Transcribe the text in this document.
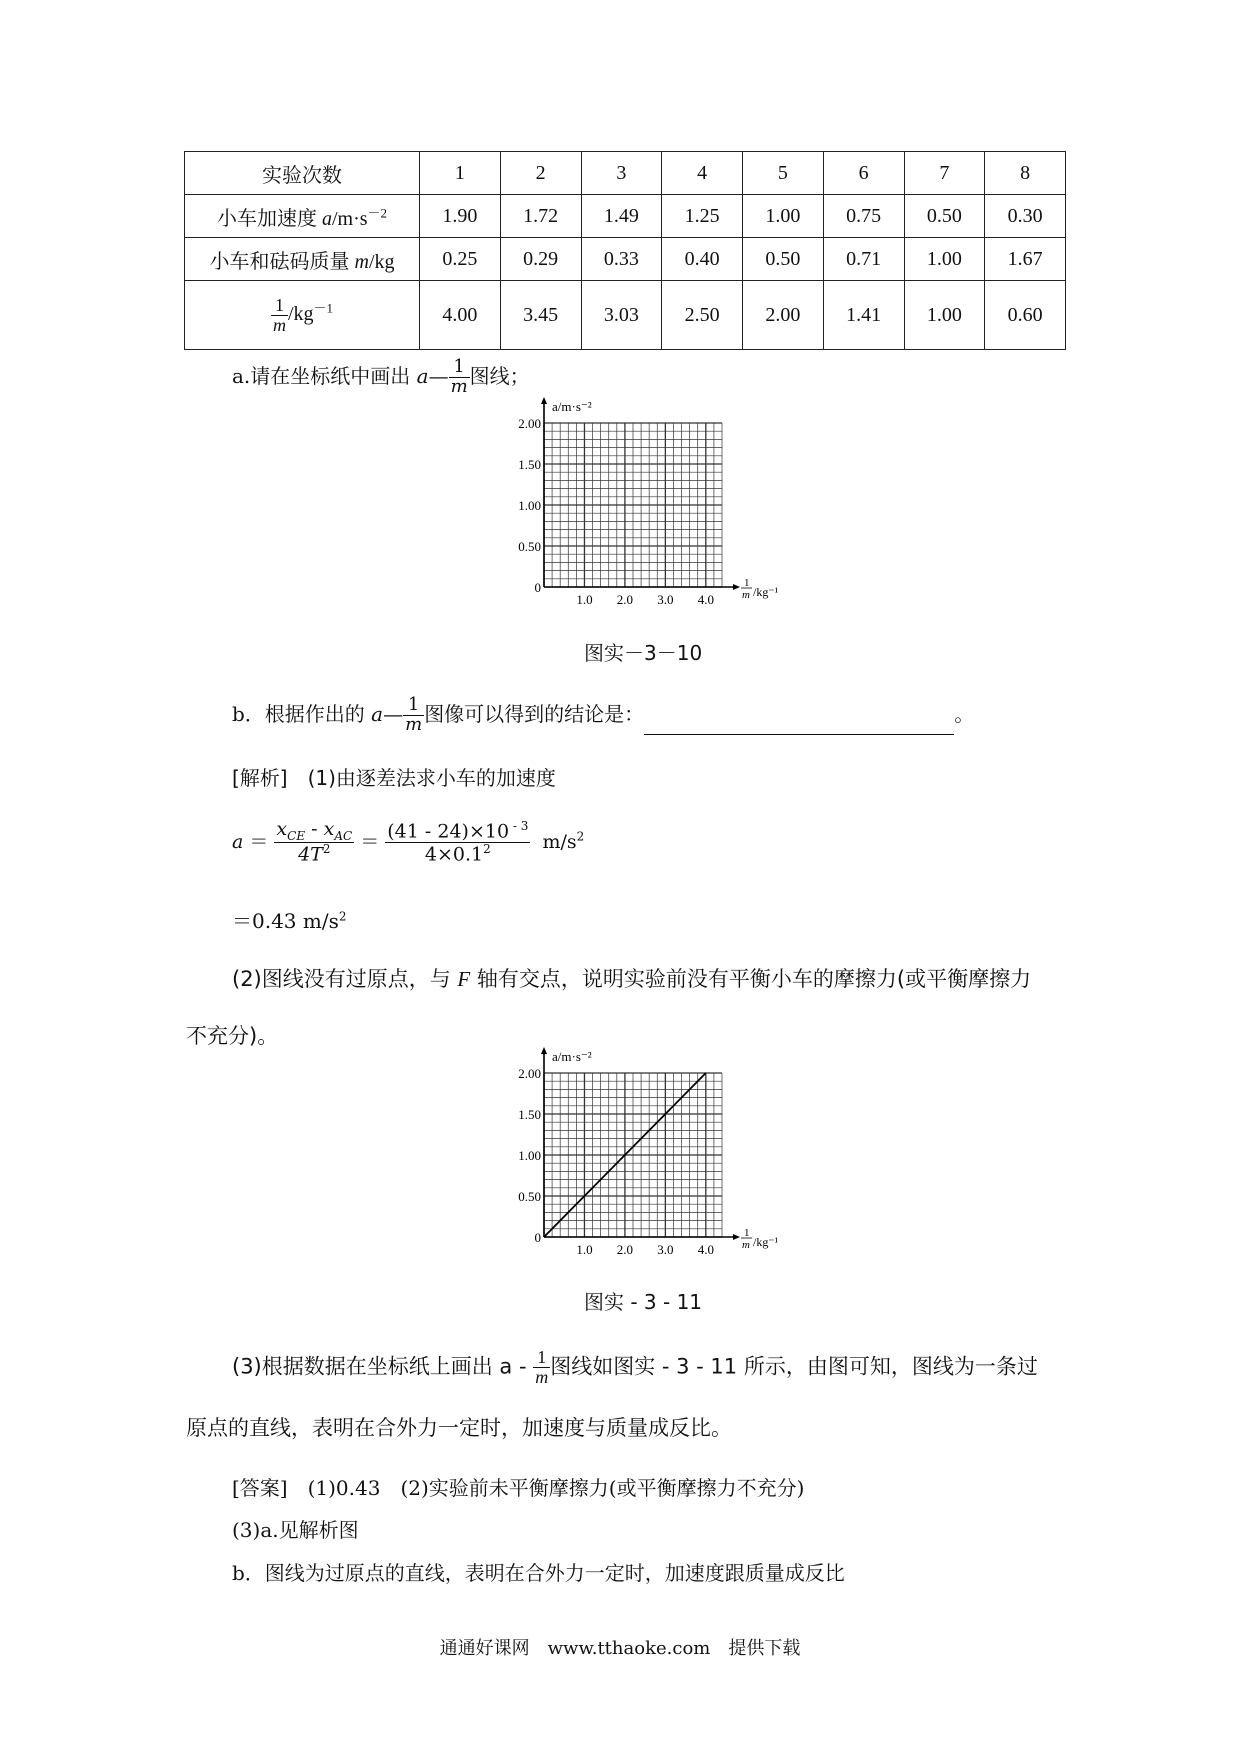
实验次数	1	2	3	4	5	6	7	8
小车加速度 $a/m\cdot s^{-2}$	1.90	1.72	1.49	1.25	1.00	0.75	0.50	0.30
小车和砝码质量 m/kg	0.25	0.29	0.33	0.40	0.50	0.71	1.00	1.67

$\frac{1}{m} /kg^{-1}$	4.00	3.45	3.03	2.50	2.00	1.41	1.00	0.60
a.请在坐标纸中画出 a— $\frac{1}{m}$ 图线；
2.00
1.50
1.00
0.50
0
1.0 2.0 3.0 4.0
a/m·s⁻²
1
m /kg⁻¹
图实－3－10
b．根据作出的 a— $\frac{1}{m}$ 图像可以得到的结论是：	。
[解析]　(1)由逐差法求小车的加速度
$a = \frac{x_{CE} - x_{AC}}{4T^2} = \frac{(41 - 24)\times 10 ^{- 3}}{4\times 0.1^2} m/s^2$
＝0.43 $m/s^2$
(2)图线没有过原点，与 F 轴有交点，说明实验前没有平衡小车的摩擦力(或平衡摩擦力
不充分)。
2.00
1.50
1.00
0.50
0
1.0 2.0 3.0 4.0
a/m·s⁻²
1
m /kg⁻¹
图实 - 3 - 11
(3)根据数据在坐标纸上画出 a - $\frac{1}{m}$ 图线如图实 - 3 - 11 所示，由图可知，图线为一条过
原点的直线，表明在合外力一定时，加速度与质量成反比。
[答案]　(1)0.43　(2)实验前未平衡摩擦力(或平衡摩擦力不充分)
(3)a.见解析图
b．图线为过原点的直线，表明在合外力一定时，加速度跟质量成反比
通通好课网　www.tthaoke.com　提供下载
